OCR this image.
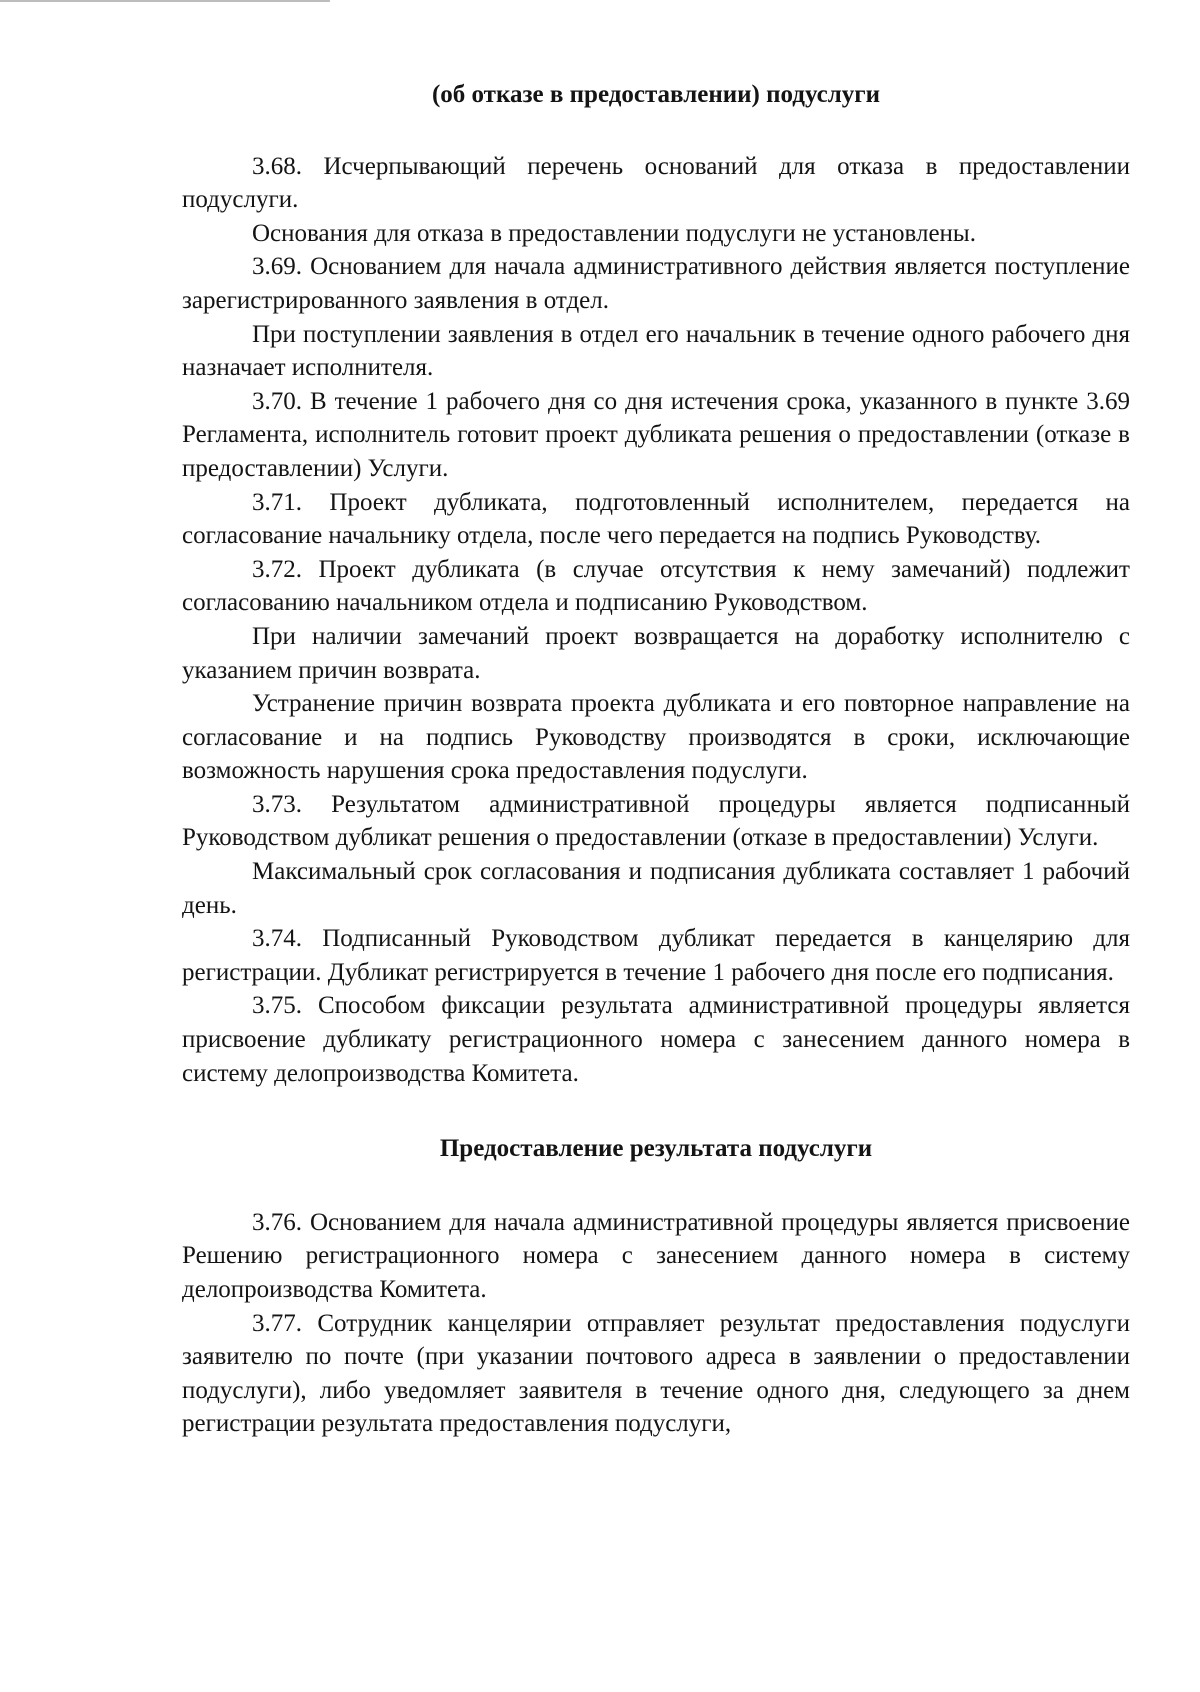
(об отказе в предоставлении) подуслуги

3.68. Исчерпывающий перечень оснований для отказа в предоставлении подуслуги.

Основания для отказа в предоставлении подуслуги не установлены.

3.69. Основанием для начала административного действия является поступление зарегистрированного заявления в отдел.

При поступлении заявления в отдел его начальник в течение одного рабочего дня назначает исполнителя.

3.70. В течение 1 рабочего дня со дня истечения срока, указанного в пункте 3.69 Регламента, исполнитель готовит проект дубликата решения о предоставлении (отказе в предоставлении) Услуги.

3.71. Проект дубликата, подготовленный исполнителем, передается на согласование начальнику отдела, после чего передается на подпись Руководству.

3.72. Проект дубликата (в случае отсутствия к нему замечаний) подлежит согласованию начальником отдела и подписанию Руководством.

При наличии замечаний проект возвращается на доработку исполнителю с указанием причин возврата.

Устранение причин возврата проекта дубликата и его повторное направление на согласование и на подпись Руководству производятся в сроки, исключающие возможность нарушения срока предоставления подуслуги.

3.73. Результатом административной процедуры является подписанный Руководством дубликат решения о предоставлении (отказе в предоставлении) Услуги.

Максимальный срок согласования и подписания дубликата составляет 1 рабочий день.

3.74. Подписанный Руководством дубликат передается в канцелярию для регистрации. Дубликат регистрируется в течение 1 рабочего дня после его подписания.

3.75. Способом фиксации результата административной процедуры является присвоение дубликату регистрационного номера с занесением данного номера в систему делопроизводства Комитета.

Предоставление результата подуслуги

3.76. Основанием для начала административной процедуры является присвоение Решению регистрационного номера с занесением данного номера в систему делопроизводства Комитета.

3.77. Сотрудник канцелярии отправляет результат предоставления подуслуги заявителю по почте (при указании почтового адреса в заявлении о предоставлении подуслуги), либо уведомляет заявителя в течение одного дня, следующего за днем регистрации результата предоставления подуслуги,
